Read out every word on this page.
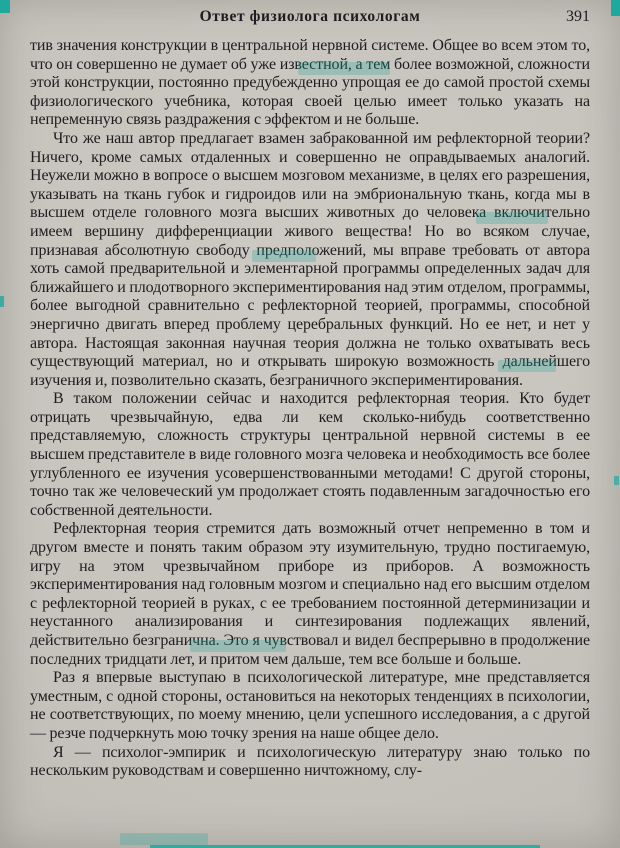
Ответ физиолога психологам	391

тив значения конструкции в центральной нервной системе. Общее во всем этом то, что он совершенно не думает об уже известной, а тем более возможной, сложности этой конструкции, постоянно предубежденно упрощая ее до самой простой схемы физиологического учебника, которая своей целью имеет только указать на непременную связь раздражения с эффектом и не больше.

Что же наш автор предлагает взамен забракованной им рефлекторной теории? Ничего, кроме самых отдаленных и совершенно не оправдываемых аналогий. Неужели можно в вопросе о высшем мозговом механизме, в целях его разрешения, указывать на ткань губок и гидроидов или на эмбриональную ткань, когда мы в высшем отделе головного мозга высших животных до человека включительно имеем вершину дифференциации живого вещества! Но во всяком случае, признавая абсолютную свободу предположений, мы вправе требовать от автора хоть самой предварительной и элементарной программы определенных задач для ближайшего и плодотворного экспериментирования над этим отделом, программы, более выгодной сравнительно с рефлекторной теорией, программы, способной энергично двигать вперед проблему церебральных функций. Но ее нет, и нет у автора. Настоящая законная научная теория должна не только охватывать весь существующий материал, но и открывать широкую возможность дальнейшего изучения и, позволительно сказать, безграничного экспериментирования.

В таком положении сейчас и находится рефлекторная теория. Кто будет отрицать чрезвычайную, едва ли кем сколько-нибудь соответственно представляемую, сложность структуры центральной нервной системы в ее высшем представителе в виде головного мозга человека и необходимость все более углубленного ее изучения усовершенствованными методами! С другой стороны, точно так же человеческий ум продолжает стоять подавленным загадочностью его собственной деятельности.

Рефлекторная теория стремится дать возможный отчет непременно в том и другом вместе и понять таким образом эту изумительную, трудно постигаемую, игру на этом чрезвычайном приборе из приборов. А возможность экспериментирования над головным мозгом и специально над его высшим отделом с рефлекторной теорией в руках, с ее требованием постоянной детерминизации и неустанного анализирования и синтезирования подлежащих явлений, действительно безгранична. Это я чувствовал и видел беспрерывно в продолжение последних тридцати лет, и притом чем дальше, тем все больше и больше.

Раз я впервые выступаю в психологической литературе, мне представляется уместным, с одной стороны, остановиться на некоторых тенденциях в психологии, не соответствующих, по моему мнению, цели успешного исследования, а с другой — резче подчеркнуть мою точку зрения на наше общее дело.

Я — психолог-эмпирик и психологическую литературу знаю только по нескольким руководствам и совершенно ничтожному, слу-
